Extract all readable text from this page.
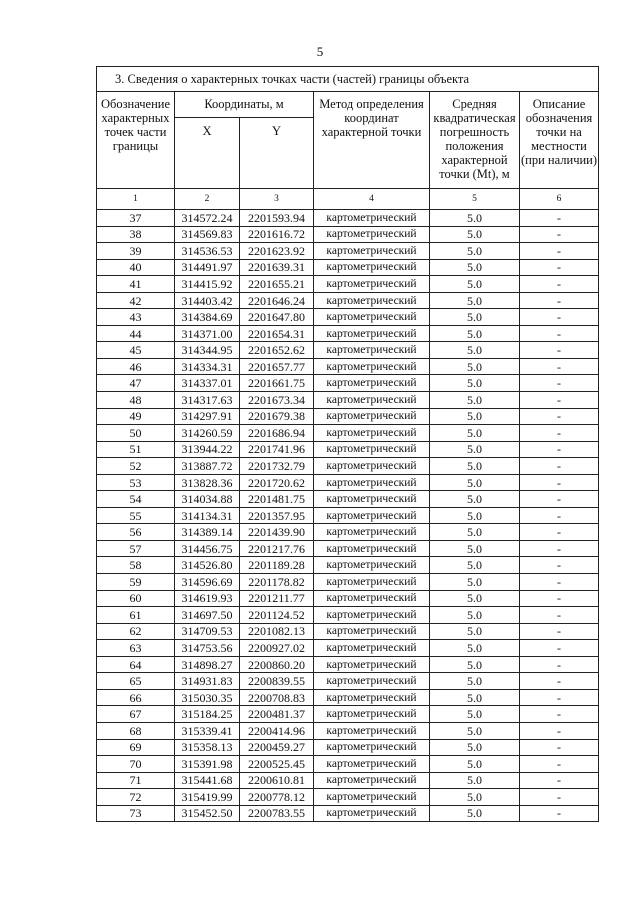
5
3. Сведения о характерных точках части (частей) границы объекта					
Обозначение характерных точек части границы	Координаты, м		Метод определения координат характерной точки	Средняя квадратическая погрешность положения характерной точки (Mt), м	Описание обозначения точки на местности (при наличии)
	X	Y			
1	2	3	4	5	6
37	314572.24	2201593.94	картометрический	5.0	-
38	314569.83	2201616.72	картометрический	5.0	-
39	314536.53	2201623.92	картометрический	5.0	-
40	314491.97	2201639.31	картометрический	5.0	-
41	314415.92	2201655.21	картометрический	5.0	-
42	314403.42	2201646.24	картометрический	5.0	-
43	314384.69	2201647.80	картометрический	5.0	-
44	314371.00	2201654.31	картометрический	5.0	-
45	314344.95	2201652.62	картометрический	5.0	-
46	314334.31	2201657.77	картометрический	5.0	-
47	314337.01	2201661.75	картометрический	5.0	-
48	314317.63	2201673.34	картометрический	5.0	-
49	314297.91	2201679.38	картометрический	5.0	-
50	314260.59	2201686.94	картометрический	5.0	-
51	313944.22	2201741.96	картометрический	5.0	-
52	313887.72	2201732.79	картометрический	5.0	-
53	313828.36	2201720.62	картометрический	5.0	-
54	314034.88	2201481.75	картометрический	5.0	-
55	314134.31	2201357.95	картометрический	5.0	-
56	314389.14	2201439.90	картометрический	5.0	-
57	314456.75	2201217.76	картометрический	5.0	-
58	314526.80	2201189.28	картометрический	5.0	-
59	314596.69	2201178.82	картометрический	5.0	-
60	314619.93	2201211.77	картометрический	5.0	-
61	314697.50	2201124.52	картометрический	5.0	-
62	314709.53	2201082.13	картометрический	5.0	-
63	314753.56	2200927.02	картометрический	5.0	-
64	314898.27	2200860.20	картометрический	5.0	-
65	314931.83	2200839.55	картометрический	5.0	-
66	315030.35	2200708.83	картометрический	5.0	-
67	315184.25	2200481.37	картометрический	5.0	-
68	315339.41	2200414.96	картометрический	5.0	-
69	315358.13	2200459.27	картометрический	5.0	-
70	315391.98	2200525.45	картометрический	5.0	-
71	315441.68	2200610.81	картометрический	5.0	-
72	315419.99	2200778.12	картометрический	5.0	-
73	315452.50	2200783.55	картометрический	5.0	-
